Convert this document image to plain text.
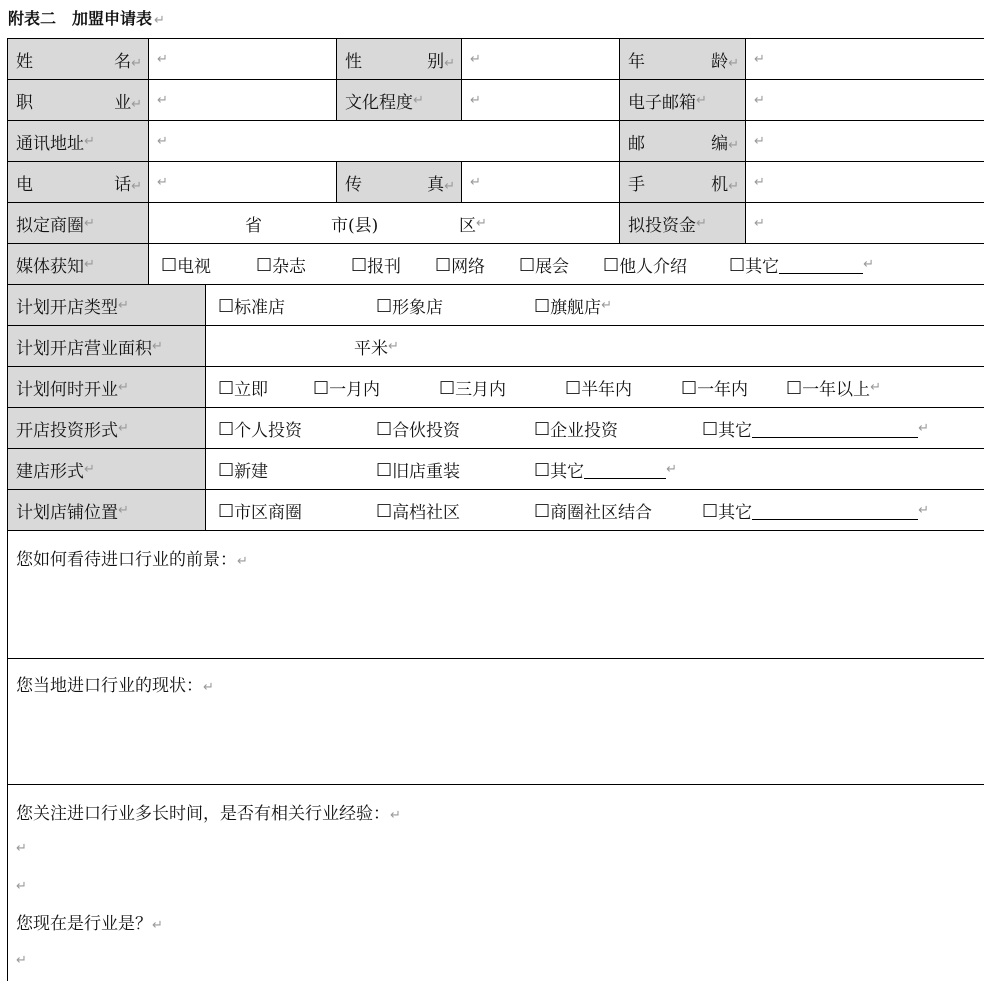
附表二　加盟申请表 ↵
姓	名↵ ↵	性	别↵ ↵	年	龄↵ ↵
职	业↵ ↵	文化程度 ↵	↵	电子邮箱 ↵	↵
通讯地址 ↵	↵	邮	编↵ ↵
电	话↵ ↵	传	真↵ ↵	手	机↵ ↵
拟定商圈 ↵	省	市(县)	区 ↵	拟投资金 ↵	↵
媒体获知 ↵	□ 电视	□ 杂志	□ 报刊 □ 网络 □ 展会 □ 他人介绍 □ 其它	↵
计划开店类型 ↵	□ 标准店	□ 形象店	□ 旗舰店 ↵
计划开店营业面积 ↵	平米 ↵
计划何时开业 ↵	□ 立即	□ 一月内	□ 三月内	□ 半年内	□ 一年内 □ 一年以上 ↵
开店投资形式 ↵	□ 个人投资	□ 合伙投资	□ 企业投资	□ 其它	↵
建店形式 ↵	□ 新建	□ 旧店重装	□ 其它	↵
计划店铺位置 ↵	□ 市区商圈	□ 高档社区	□ 商圈社区结合	□ 其它	↵
您如何看待进口行业的前景：↵
您当地进口行业的现状：↵
您关注进口行业多长时间，是否有相关行业经验：↵
↵
↵
您现在是行业是？↵
↵
